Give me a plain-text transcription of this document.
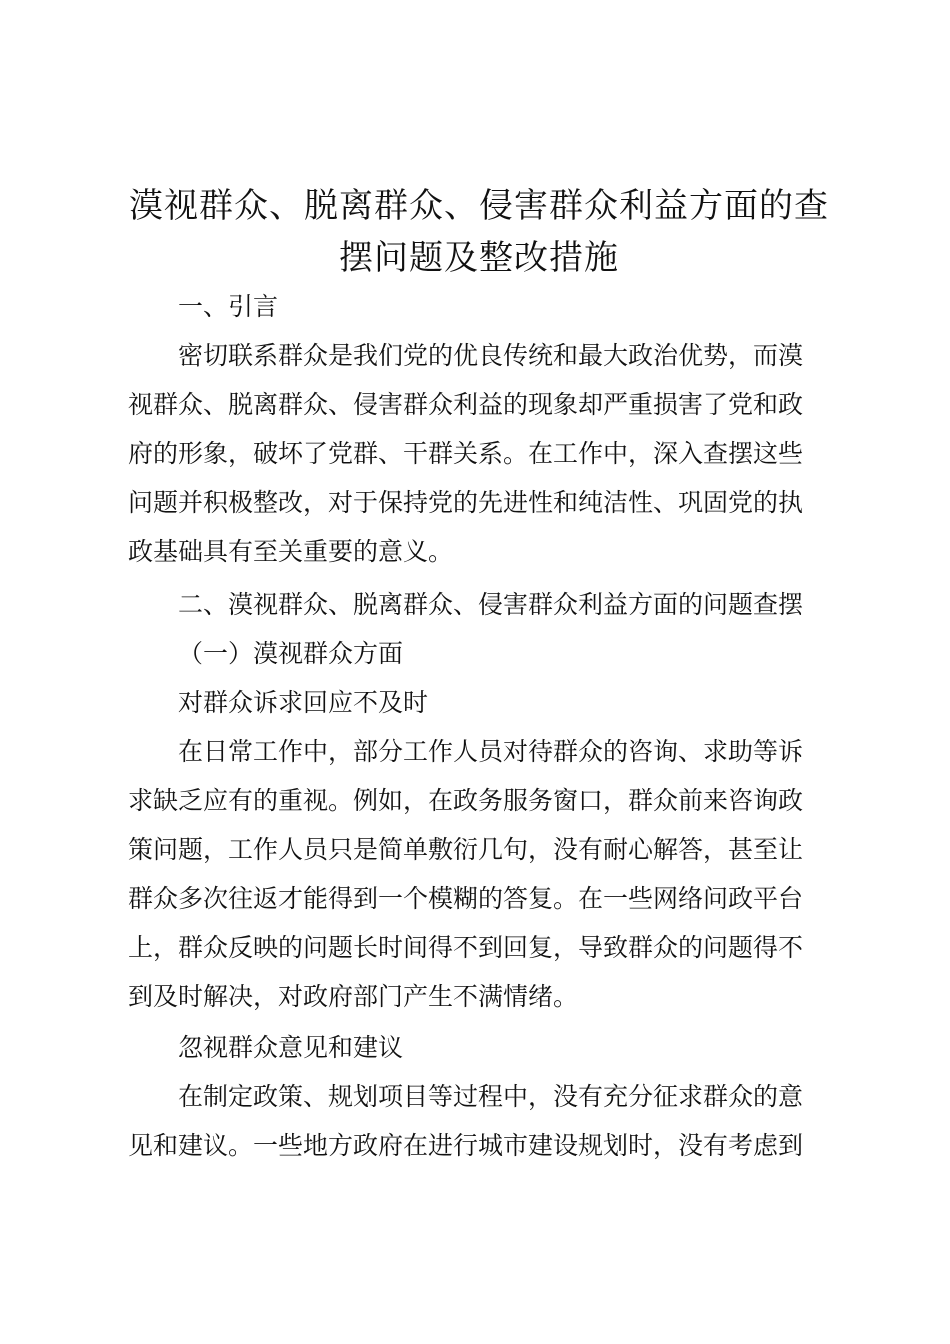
漠视群众、脱离群众、侵害群众利益方面的查
摆问题及整改措施

一、引言

密切联系群众是我们党的优良传统和最大政治优势，而漠
视群众、脱离群众、侵害群众利益的现象却严重损害了党和政
府的形象，破坏了党群、干群关系。在工作中，深入查摆这些
问题并积极整改，对于保持党的先进性和纯洁性、巩固党的执
政基础具有至关重要的意义。

二、漠视群众、脱离群众、侵害群众利益方面的问题查摆

（一）漠视群众方面

对群众诉求回应不及时

在日常工作中，部分工作人员对待群众的咨询、求助等诉
求缺乏应有的重视。例如，在政务服务窗口，群众前来咨询政
策问题，工作人员只是简单敷衍几句，没有耐心解答，甚至让
群众多次往返才能得到一个模糊的答复。在一些网络问政平台
上，群众反映的问题长时间得不到回复，导致群众的问题得不
到及时解决，对政府部门产生不满情绪。

忽视群众意见和建议

在制定政策、规划项目等过程中，没有充分征求群众的意
见和建议。一些地方政府在进行城市建设规划时，没有考虑到
